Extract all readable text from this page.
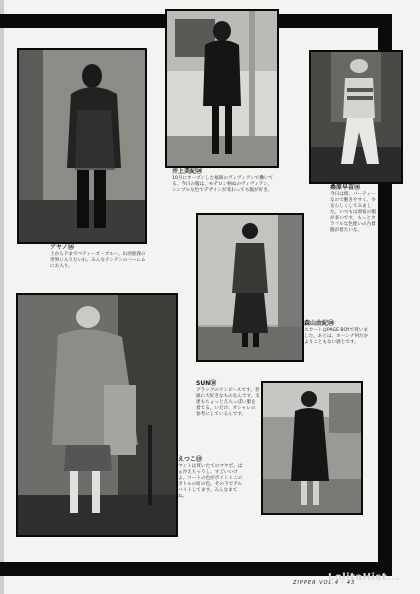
アヤノ⑯
上から下までベティーズ・ブルー。山羽族義の世界に入りたいわ。みんなテンテンのハーレムにお入り。
井上美紀⑳
10月にオープンした福岡のヴィヴィアンで働いてる。今日の服は、モデロン柄ぬのヴィヴィアン。シンプルな色でデザインが変わっても服が好き。	桑原早苗⑯
今日は紺、パーティーなので動きやすく、少女らしくしてみました。いつもは原宿の服が多いです。もっとカラフルな色使いの古着服が着たいな。
森山由紀⑳
スカートはPAGE BOYで買いました。あとは、ホーンナ何だかよりこともない感じです。
SUN⑱
グラッグのワンピースです。普通に大好きなものなんです。友達もちょっとえ入っぽい服を着てる。いだけ、オシャレの参考にしているんです。
えつこ⑲
マントは買いたてのマヤボ。はぁ冷えちゃうし、すごいいけよ。コートの色がポイントこのボトルの町の色。その下でアルバイトしてます。みんなまてね。
LolitaHist...
ZIPPER VOL.4 · 43
